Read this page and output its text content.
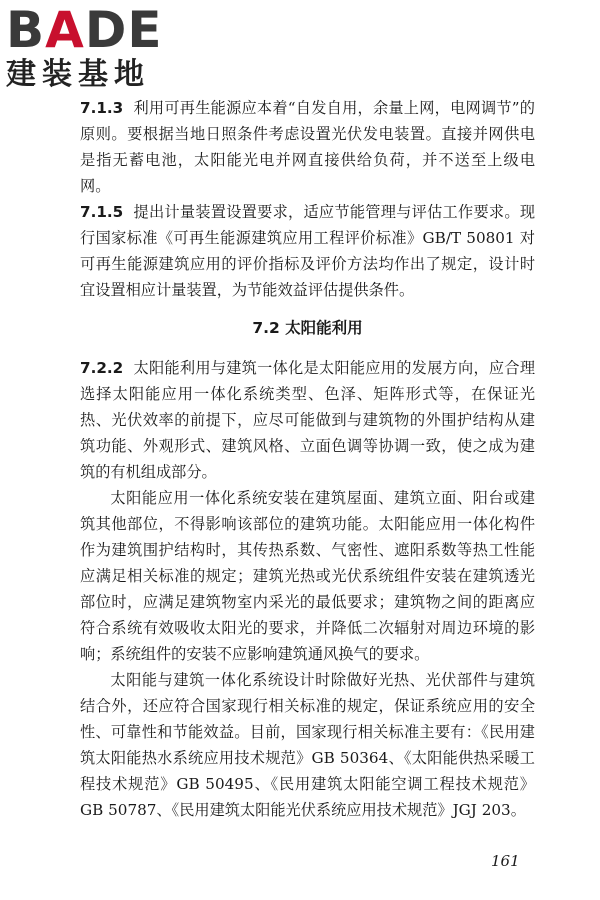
BADE
建装基地

7.1.3 利用可再生能源应本着“自发自用，余量上网，电网调节”的原则。要根据当地日照条件考虑设置光伏发电装置。直接并网供电是指无蓄电池，太阳能光电并网直接供给负荷，并不送至上级电网。

7.1.5 提出计量装置设置要求，适应节能管理与评估工作要求。现行国家标准《可再生能源建筑应用工程评价标准》GB/T 50801 对可再生能源建筑应用的评价指标及评价方法均作出了规定，设计时宜设置相应计量装置，为节能效益评估提供条件。

7.2 太阳能利用

7.2.2 太阳能利用与建筑一体化是太阳能应用的发展方向，应合理选择太阳能应用一体化系统类型、色泽、矩阵形式等，在保证光热、光伏效率的前提下，应尽可能做到与建筑物的外围护结构从建筑功能、外观形式、建筑风格、立面色调等协调一致，使之成为建筑的有机组成部分。

太阳能应用一体化系统安装在建筑屋面、建筑立面、阳台或建筑其他部位，不得影响该部位的建筑功能。太阳能应用一体化构件作为建筑围护结构时，其传热系数、气密性、遮阳系数等热工性能应满足相关标准的规定；建筑光热或光伏系统组件安装在建筑透光部位时，应满足建筑物室内采光的最低要求；建筑物之间的距离应符合系统有效吸收太阳光的要求，并降低二次辐射对周边环境的影响；系统组件的安装不应影响建筑通风换气的要求。

太阳能与建筑一体化系统设计时除做好光热、光伏部件与建筑结合外，还应符合国家现行相关标准的规定，保证系统应用的安全性、可靠性和节能效益。目前，国家现行相关标准主要有：《民用建筑太阳能热水系统应用技术规范》GB 50364、《太阳能供热采暖工程技术规范》GB 50495、《民用建筑太阳能空调工程技术规范》GB 50787、《民用建筑太阳能光伏系统应用技术规范》JGJ 203。

161
